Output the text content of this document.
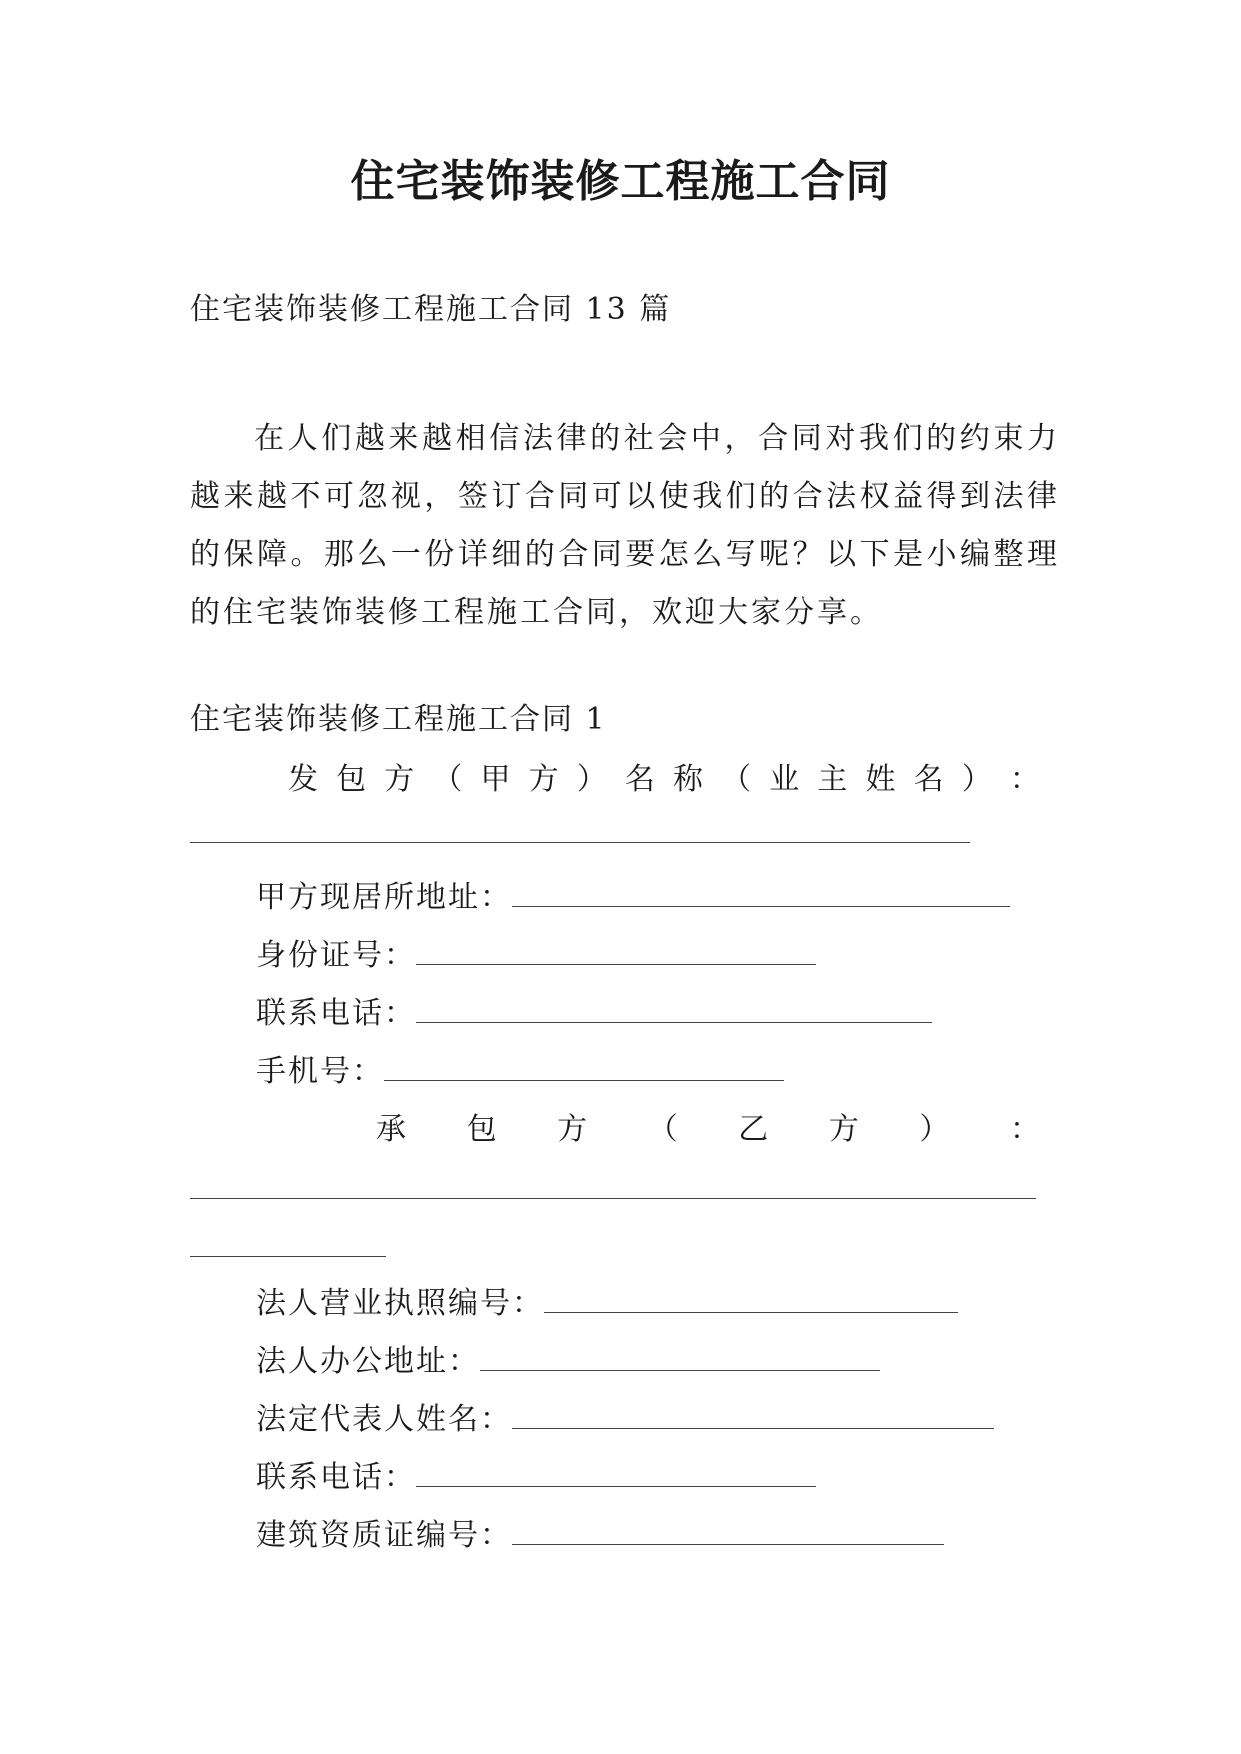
住宅装饰装修工程施工合同
住宅装饰装修工程施工合同 13 篇

在人们越来越相信法律的社会中，合同对我们的约束力越来越不可忽视，签订合同可以使我们的合法权益得到法律的保障。那么一份详细的合同要怎么写呢？以下是小编整理的住宅装饰装修工程施工合同，欢迎大家分享。

住宅装饰装修工程施工合同 1
发 包 方 （ 甲 方 ） 名 称 （ 业 主 姓 名 ） ：
甲方现居所地址：
身份证号：
联系电话：
手机号：
承 包 方 （ 乙 方 ） ：
法人营业执照编号：
法人办公地址：
法定代表人姓名：
联系电话：
建筑资质证编号：
